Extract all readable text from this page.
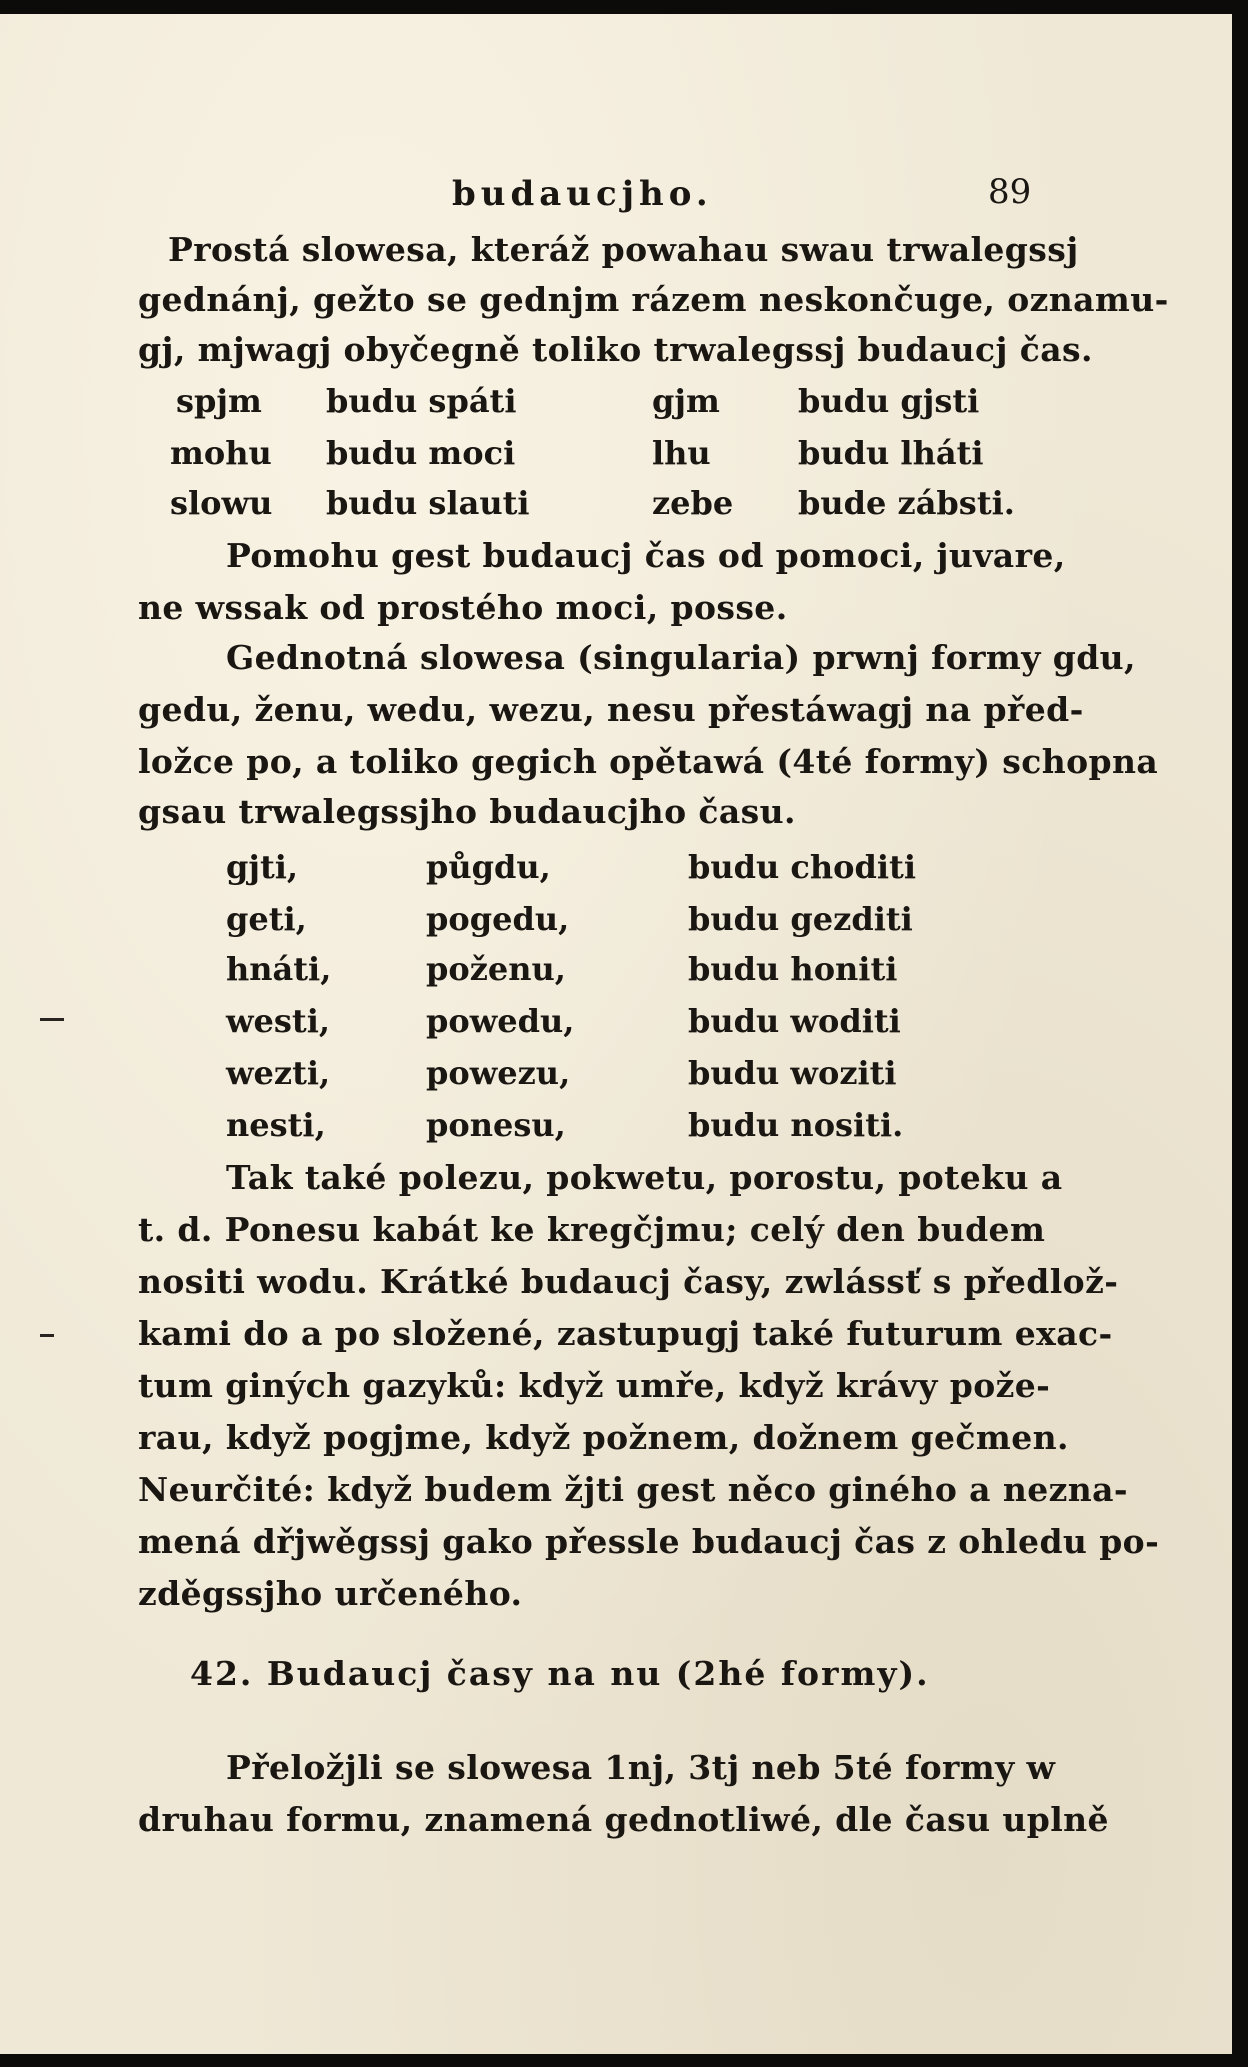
budaucjho.	89
Prostá slowesa, kteráž powahau swau trwalegssj
gednánj, gežto se gednjm rázem neskončuge, oznamu-
gj, mjwagj obyčegně toliko trwalegssj budaucj čas.
spjm budu spáti	gjm budu gjsti
mohu budu moci	lhu	budu lháti
slowu budu slauti	zebe bude zábsti.
Pomohu gest budaucj čas od pomoci, juvare,
ne wssak od prostého moci, posse.
Gednotná slowesa (singularia) prwnj formy gdu,
gedu, ženu, wedu, wezu, nesu přestáwagj na před-
ložce po, a toliko gegich opětawá (4té formy) schopna
gsau trwalegssjho budaucjho času.
gjti,	půgdu,	budu choditi
geti,	pogedu,	budu gezditi
hnáti,	poženu,	budu honiti
westi,	powedu,	budu woditi
wezti,	powezu,	budu woziti
nesti,	ponesu,	budu nositi.
Tak také polezu, pokwetu, porostu, poteku a
t. d. Ponesu kabát ke kregčjmu; celý den budem
nositi wodu. Krátké budaucj časy, zwlássť s předlož-
kami do a po složené, zastupugj také futurum exac-
tum giných gazyků: když umře, když krávy pože-
rau, když pogjme, když požnem, dožnem gečmen.
Neurčité: když budem žjti gest něco giného a nezna-
mená dřjwěgssj gako přessle budaucj čas z ohledu po-
zděgssjho určeného.
42. Budaucj časy na nu (2hé formy).
Přeložjli se slowesa 1nj, 3tj neb 5té formy w
druhau formu, znamená gednotliwé, dle času uplně
